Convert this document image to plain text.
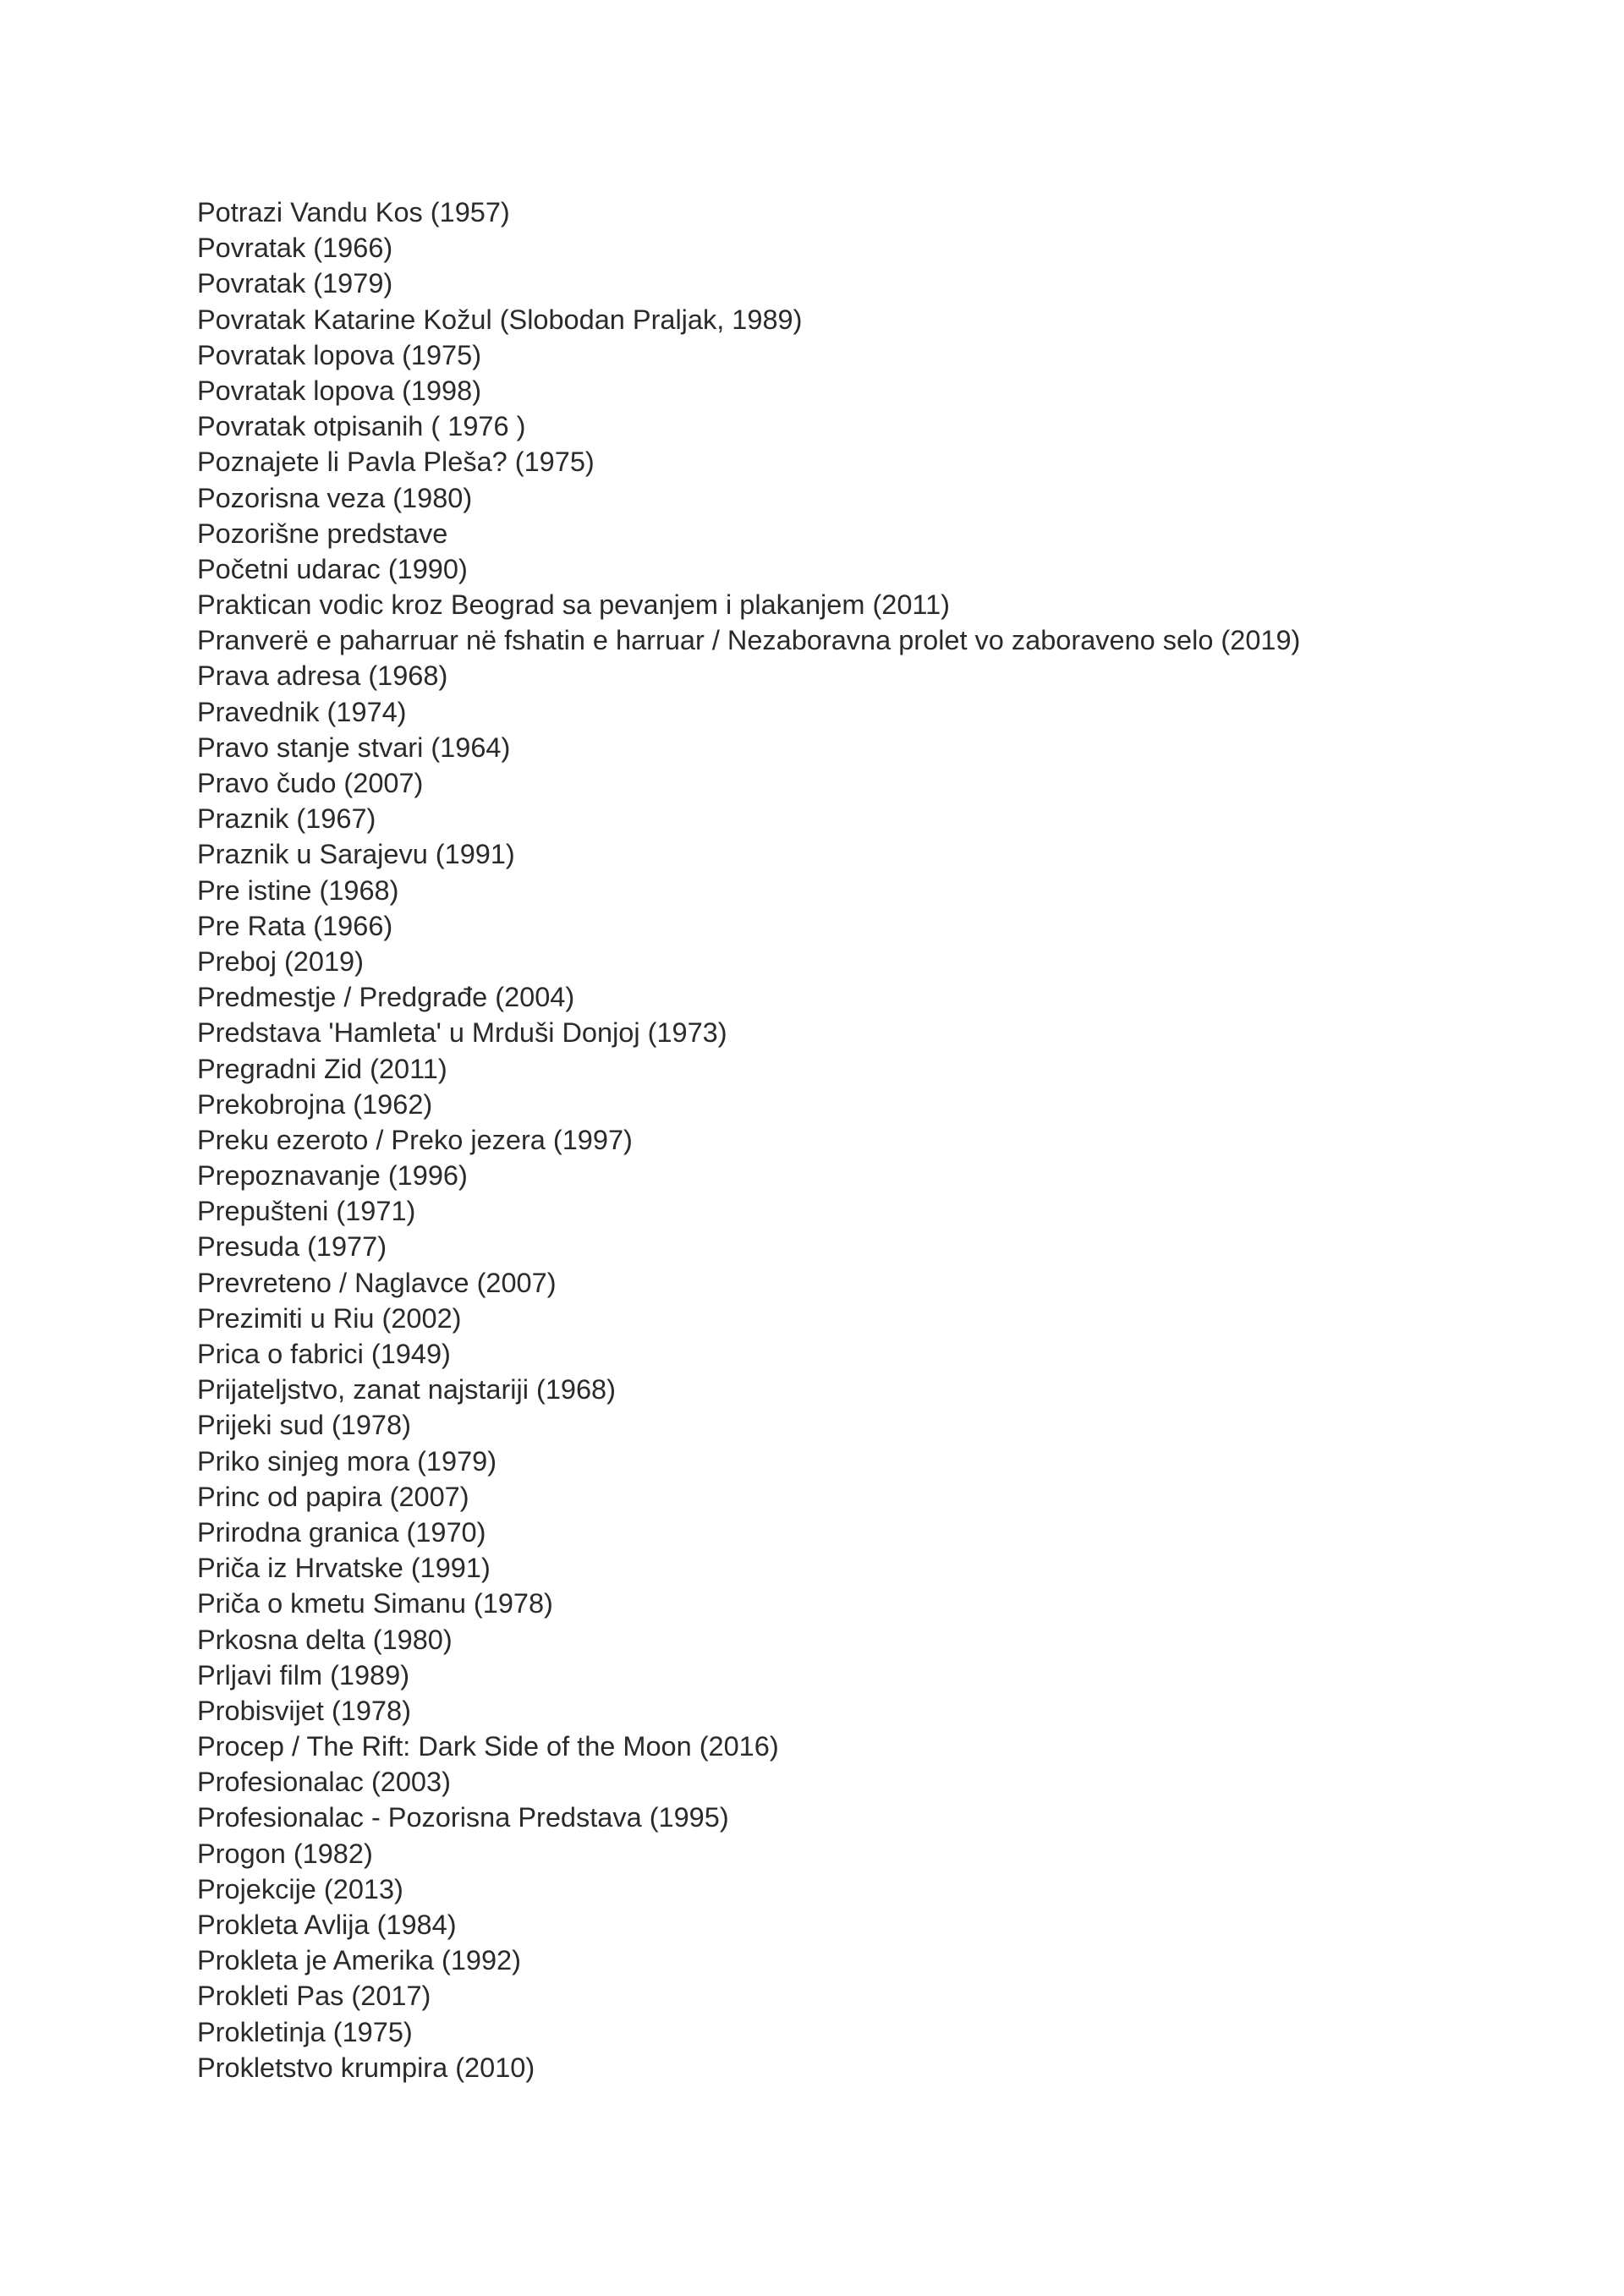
Potrazi Vandu Kos (1957)
Povratak (1966)
Povratak (1979)
Povratak Katarine Kožul (Slobodan Praljak, 1989)
Povratak lopova (1975)
Povratak lopova (1998)
Povratak otpisanih ( 1976 )
Poznajete li Pavla Pleša? (1975)
Pozorisna veza (1980)
Pozorišne predstave
Početni udarac (1990)
Praktican vodic kroz Beograd sa pevanjem i plakanjem (2011)
Pranverë e paharruar në fshatin e harruar / Nezaboravna prolet vo zaboraveno selo (2019)
Prava adresa (1968)
Pravednik (1974)
Pravo stanje stvari (1964)
Pravo čudo (2007)
Praznik (1967)
Praznik u Sarajevu (1991)
Pre istine (1968)
Pre Rata (1966)
Preboj (2019)
Predmestje / Predgrađe (2004)
Predstava 'Hamleta' u Mrduši Donjoj (1973)
Pregradni Zid (2011)
Prekobrojna (1962)
Preku ezeroto / Preko jezera (1997)
Prepoznavanje (1996)
Prepušteni (1971)
Presuda (1977)
Prevreteno / Naglavce (2007)
Prezimiti u Riu (2002)
Prica o fabrici (1949)
Prijateljstvo, zanat najstariji (1968)
Prijeki sud (1978)
Priko sinjeg mora (1979)
Princ od papira (2007)
Prirodna granica (1970)
Priča iz Hrvatske (1991)
Priča o kmetu Simanu (1978)
Prkosna delta (1980)
Prljavi film (1989)
Probisvijet (1978)
Procep / The Rift: Dark Side of the Moon (2016)
Profesionalac (2003)
Profesionalac - Pozorisna Predstava (1995)
Progon (1982)
Projekcije (2013)
Prokleta Avlija (1984)
Prokleta je Amerika (1992)
Prokleti Pas (2017)
Prokletinja (1975)
Prokletstvo krumpira (2010)
